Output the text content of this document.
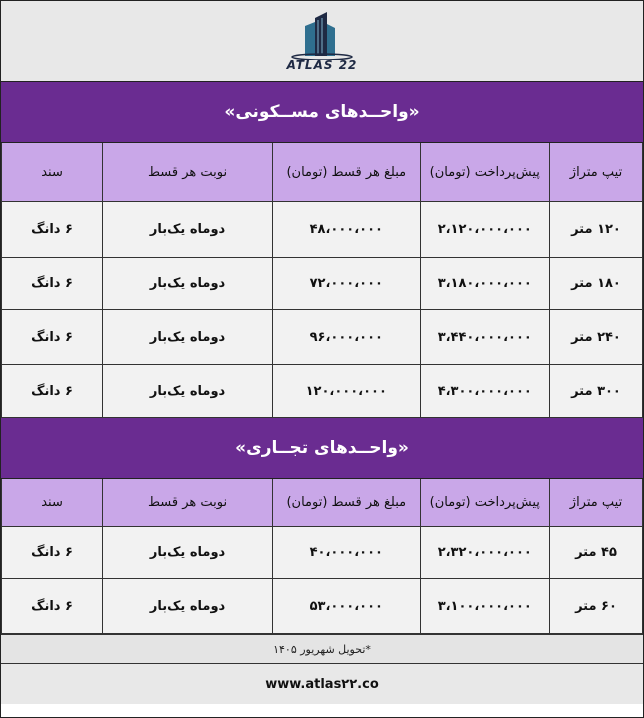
ATLAS 22
«واحــدهای مســکونی»
تیپ متراژ	پیش‌پرداخت (تومان)	مبلغ هر قسط (تومان)	نوبت هر قسط	سند
۱۲۰ متر	۲،۱۲۰،۰۰۰،۰۰۰	۴۸،۰۰۰،۰۰۰	دوماه یک‌بار	۶ دانگ
۱۸۰ متر	۳،۱۸۰،۰۰۰،۰۰۰	۷۲،۰۰۰،۰۰۰	دوماه یک‌بار	۶ دانگ
۲۴۰ متر	۳،۴۴۰،۰۰۰،۰۰۰	۹۶،۰۰۰،۰۰۰	دوماه یک‌بار	۶ دانگ
۳۰۰ متر	۴،۳۰۰،۰۰۰،۰۰۰	۱۲۰،۰۰۰،۰۰۰	دوماه یک‌بار	۶ دانگ
«واحــدهای تجــاری»
تیپ متراژ	پیش‌پرداخت (تومان)	مبلغ هر قسط (تومان)	نوبت هر قسط	سند
۴۵ متر	۲،۳۲۰،۰۰۰،۰۰۰	۴۰،۰۰۰،۰۰۰	دوماه یک‌بار	۶ دانگ
۶۰ متر	۳،۱۰۰،۰۰۰،۰۰۰	۵۳،۰۰۰،۰۰۰	دوماه یک‌بار	۶ دانگ
*تحویل شهریور ۱۴۰۵
www.atlas۲۲.co
